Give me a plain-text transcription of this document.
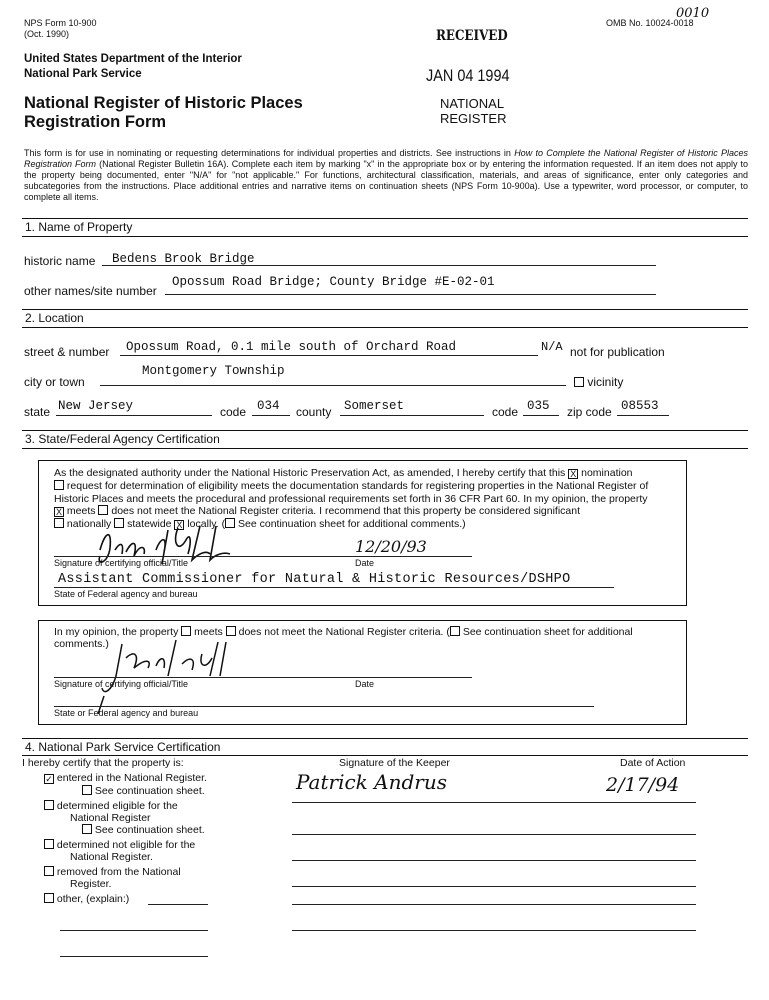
NPS Form 10-900
(Oct. 1990)
OMB No. 10024-0018
0010
United States Department of the Interior
National Park Service
National Register of Historic Places
Registration Form
RECEIVED
JAN 04 1994
NATIONAL
REGISTER
This form is for use in nominating or requesting determinations for individual properties and districts. See instructions in How to Complete the National Register of Historic Places Registration Form (National Register Bulletin 16A). Complete each item by marking "x" in the appropriate box or by entering the information requested. If an item does not apply to the property being documented, enter "N/A" for "not applicable." For functions, architectural classification, materials, and areas of significance, enter only categories and subcategories from the instructions. Place additional entries and narrative items on continuation sheets (NPS Form 10-900a). Use a typewriter, word processor, or computer, to complete all items.
1. Name of Property
historic name Bedens Brook Bridge
other names/site number
Opossum Road Bridge; County Bridge #E-02-01
2. Location
street & number Opossum Road, 0.1 mile south of Orchard Road	N/A not for publication
city or town
Montgomery Township
vicinity
state New Jersey	code 034 county Somerset	code 035 zip code 08553
3. State/Federal Agency Certification
As the designated authority under the National Historic Preservation Act, as amended, I hereby certify that this X nomination
request for determination of eligibility meets the documentation standards for registering properties in the National Register of
Historic Places and meets the procedural and professional requirements set forth in 36 CFR Part 60. In my opinion, the property
X meets does not meet the National Register criteria. I recommend that this property be considered significant
nationally statewide X locally. ( See continuation sheet for additional comments.)
12/20/93
Signature of certifying official/Title	Date
Assistant Commissioner for Natural & Historic Resources/DSHPO
State of Federal agency and bureau
In my opinion, the property meets does not meet the National Register criteria. ( See continuation sheet for additional
comments.)
Signature of certifying official/Title	Date
State or Federal agency and bureau
4. National Park Service Certification
I hereby certify that the property is:	Signature of the Keeper	Date of Action
Patrick Andrus	2/17/94
✓ entered in the National Register.
See continuation sheet.
determined eligible for the
National Register
See continuation sheet.
determined not eligible for the
National Register.
removed from the National
Register.
other, (explain:)
